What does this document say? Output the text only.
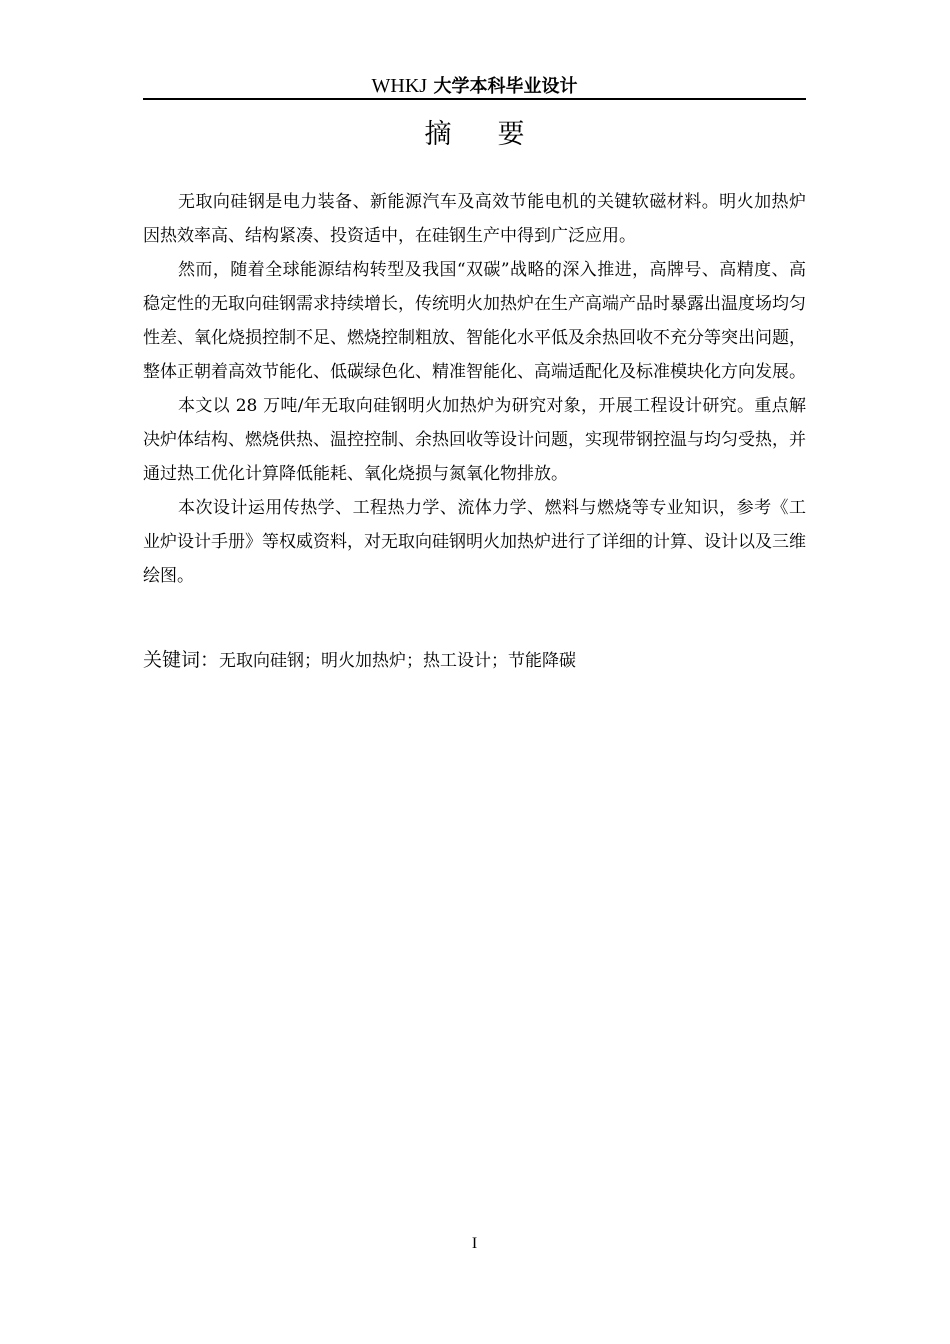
WHKJ 大学本科毕业设计
摘要

无取向硅钢是电力装备、新能源汽车及高效节能电机的关键软磁材料。明火加热炉因热效率高、结构紧凑、投资适中，在硅钢生产中得到广泛应用。

然而，随着全球能源结构转型及我国“双碳”战略的深入推进，高牌号、高精度、高稳定性的无取向硅钢需求持续增长，传统明火加热炉在生产高端产品时暴露出温度场均匀性差、氧化烧损控制不足、燃烧控制粗放、智能化水平低及余热回收不充分等突出问题，整体正朝着高效节能化、低碳绿色化、精准智能化、高端适配化及标准模块化方向发展。

本文以 28 万吨/年无取向硅钢明火加热炉为研究对象，开展工程设计研究。重点解决炉体结构、燃烧供热、温控控制、余热回收等设计问题，实现带钢控温与均匀受热，并通过热工优化计算降低能耗、氧化烧损与氮氧化物排放。

本次设计运用传热学、工程热力学、流体力学、燃料与燃烧等专业知识，参考《工业炉设计手册》等权威资料，对无取向硅钢明火加热炉进行了详细的计算、设计以及三维绘图。

关键词：无取向硅钢；明火加热炉；热工设计；节能降碳
I
